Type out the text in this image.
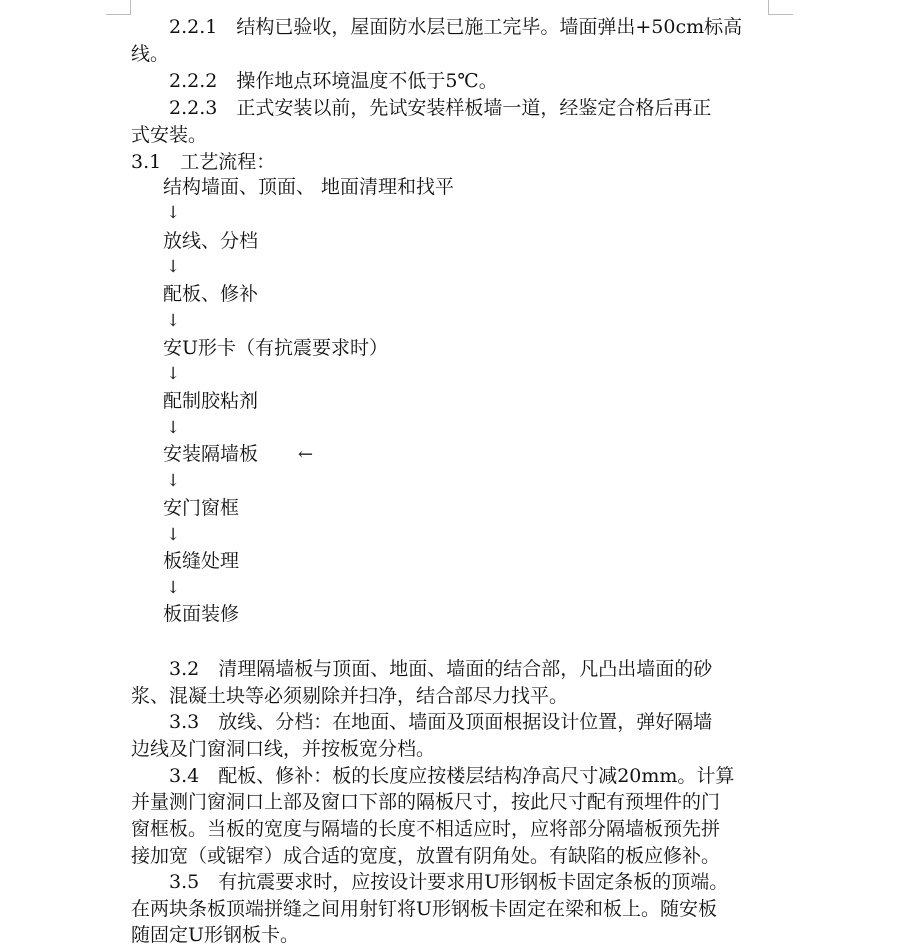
　　2.2.1　结构已验收，屋面防水层已施工完毕。墙面弹出+50cm标高
线。
　　2.2.2　操作地点环境温度不低于5℃。
　　2.2.3　正式安装以前，先试安装样板墙一道，经鉴定合格后再正
式安装。
3.1　工艺流程：
结构墙面、顶面、 地面清理和找平
↓
放线、分档
↓
配板、修补
↓
安U形卡（有抗震要求时）
↓
配制胶粘剂
↓
安装隔墙板 ←
↓
安门窗框
↓
板缝处理
↓
板面装修
　　3.2　清理隔墙板与顶面、地面、墙面的结合部，凡凸出墙面的砂
浆、混凝土块等必须剔除并扫净，结合部尽力找平。
　　3.3　放线、分档：在地面、墙面及顶面根据设计位置，弹好隔墙
边线及门窗洞口线，并按板宽分档。
　　3.4　配板、修补：板的长度应按楼层结构净高尺寸减20mm。计算
并量测门窗洞口上部及窗口下部的隔板尺寸，按此尺寸配有预埋件的门
窗框板。当板的宽度与隔墙的长度不相适应时，应将部分隔墙板预先拼
接加宽（或锯窄）成合适的宽度，放置有阴角处。有缺陷的板应修补。
　　3.5　有抗震要求时，应按设计要求用U形钢板卡固定条板的顶端。
在两块条板顶端拼缝之间用射钉将U形钢板卡固定在梁和板上。随安板
随固定U形钢板卡。
